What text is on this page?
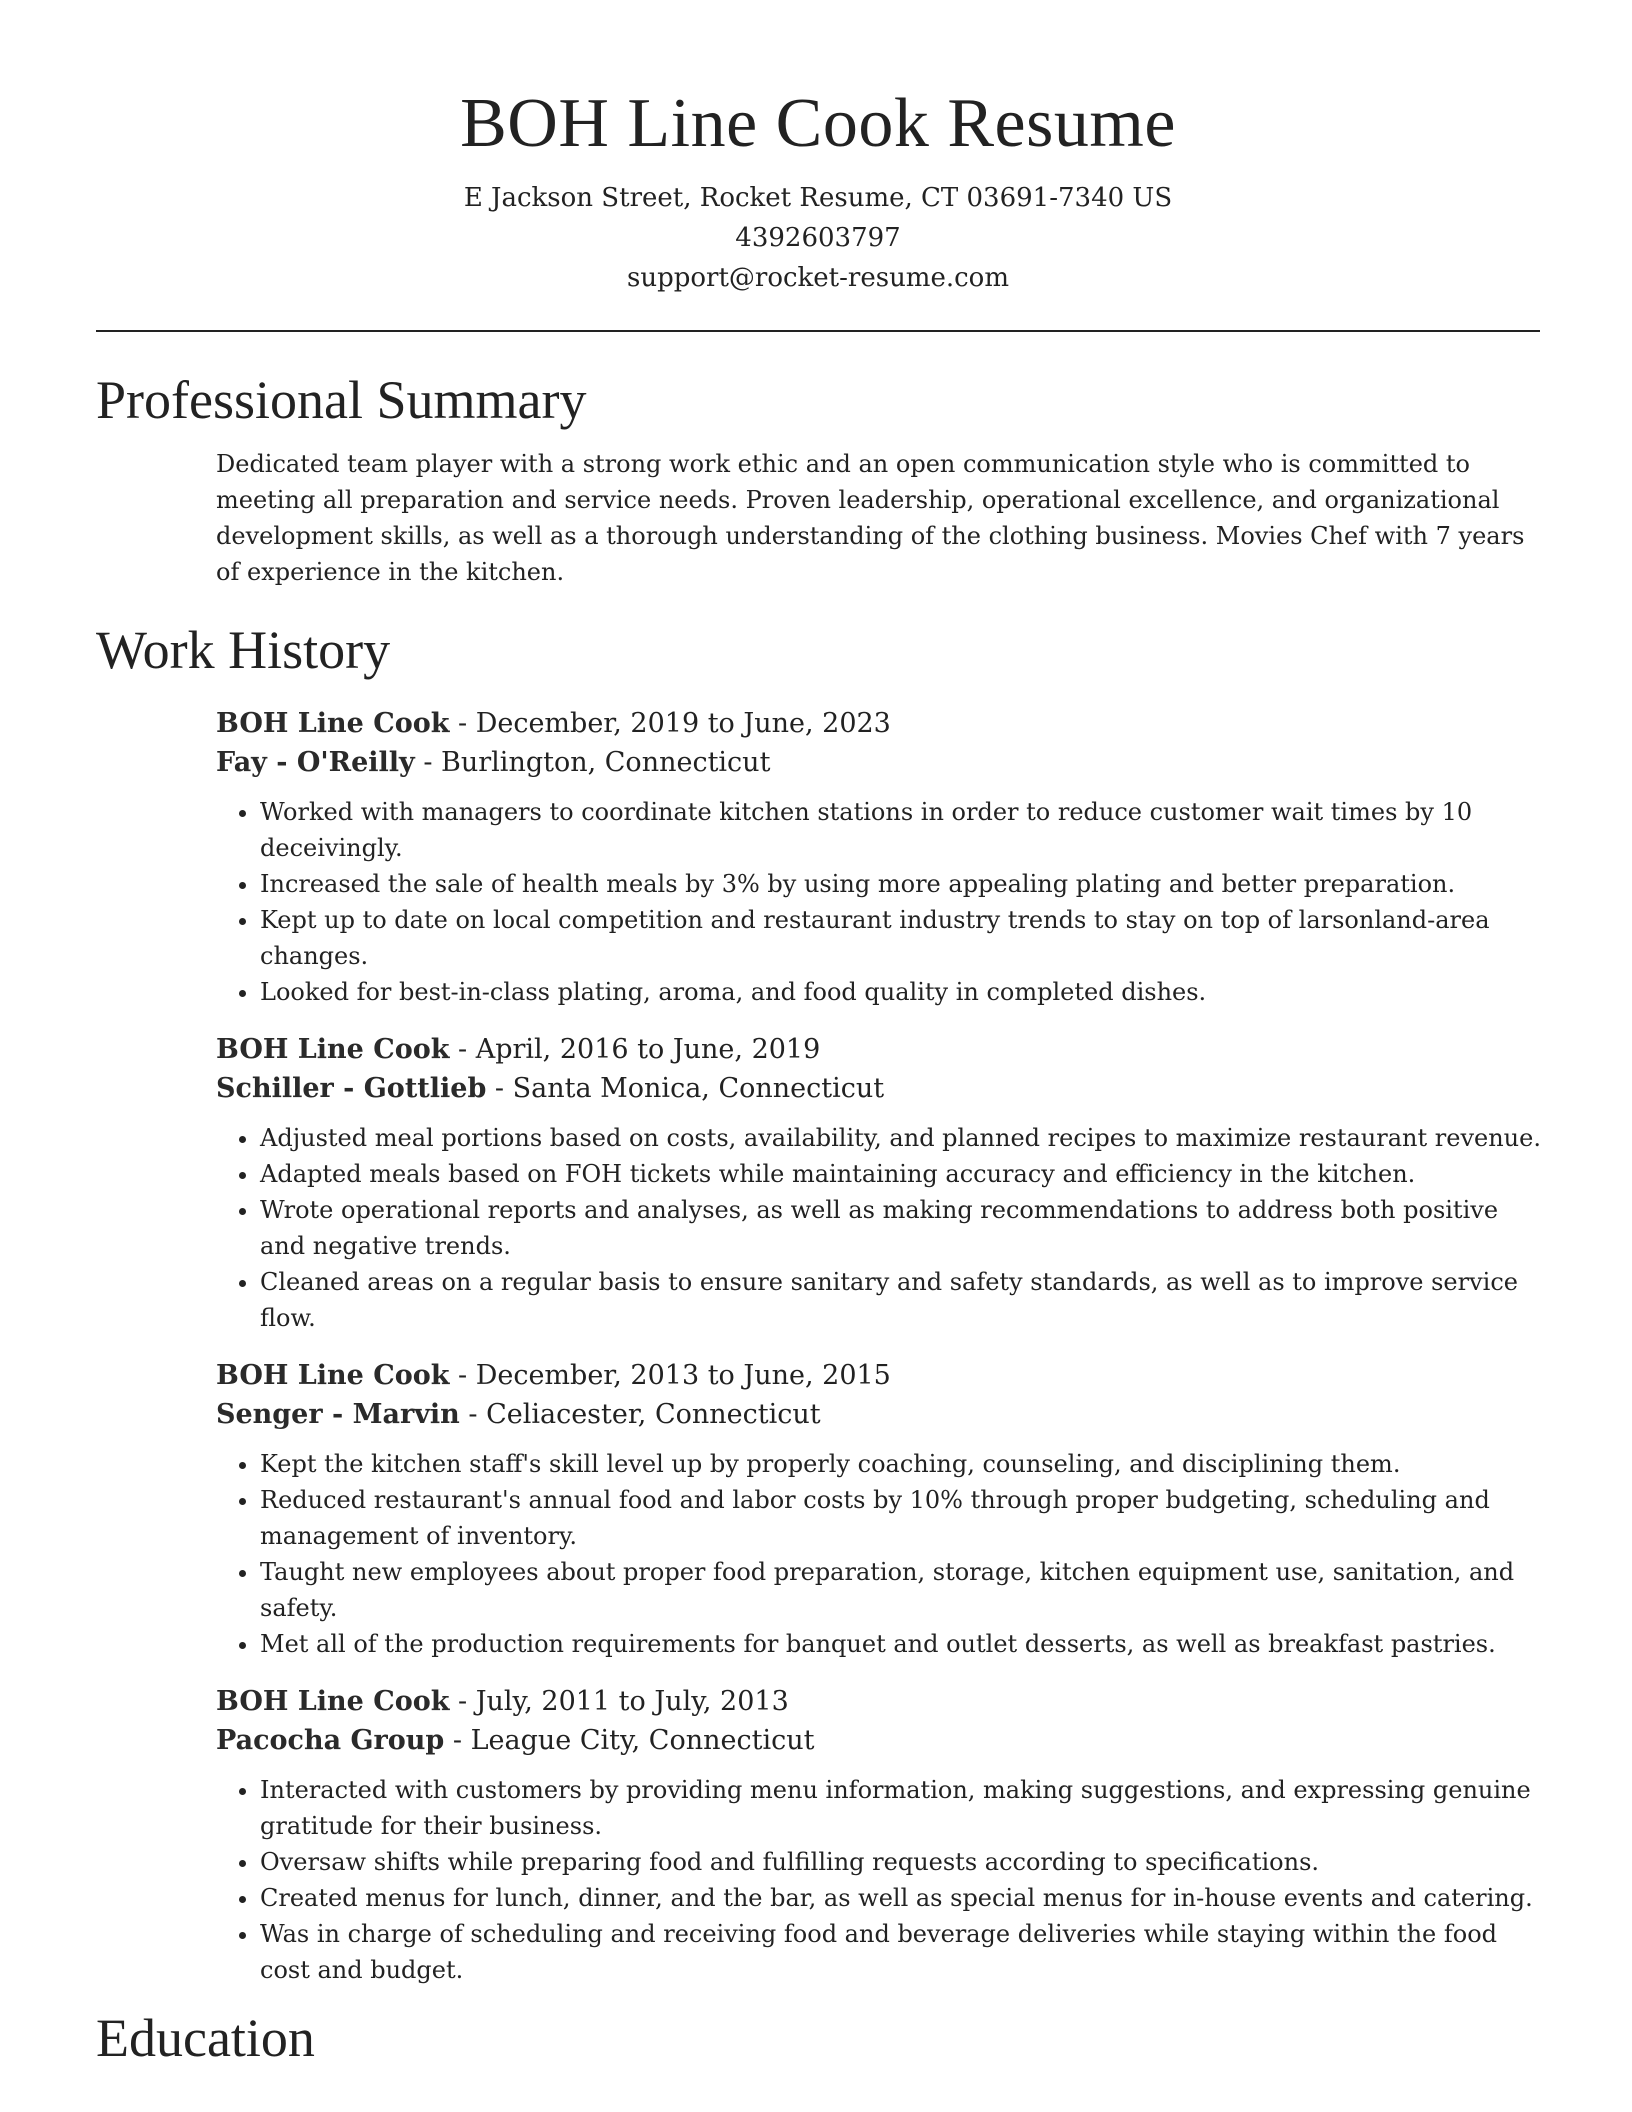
BOH Line Cook Resume

E Jackson Street, Rocket Resume, CT 03691-7340 US

4392603797

support@rocket-resume.com

Professional Summary

Dedicated team player with a strong work ethic and an open communication style who is committed to meeting all preparation and service needs. Proven leadership, operational excellence, and organizational development skills, as well as a thorough understanding of the clothing business. Movies Chef with 7 years of experience in the kitchen.

Work History

BOH Line Cook - December, 2019 to June, 2023

Fay - O'Reilly - Burlington, Connecticut

• Worked with managers to coordinate kitchen stations in order to reduce customer wait times by 10 deceivingly.
• Increased the sale of health meals by 3% by using more appealing plating and better preparation.
• Kept up to date on local competition and restaurant industry trends to stay on top of larsonland-area changes.
• Looked for best-in-class plating, aroma, and food quality in completed dishes.

BOH Line Cook - April, 2016 to June, 2019

Schiller - Gottlieb - Santa Monica, Connecticut

• Adjusted meal portions based on costs, availability, and planned recipes to maximize restaurant revenue.
• Adapted meals based on FOH tickets while maintaining accuracy and efficiency in the kitchen.
• Wrote operational reports and analyses, as well as making recommendations to address both positive and negative trends.
• Cleaned areas on a regular basis to ensure sanitary and safety standards, as well as to improve service flow.

BOH Line Cook - December, 2013 to June, 2015

Senger - Marvin - Celiacester, Connecticut

• Kept the kitchen staff's skill level up by properly coaching, counseling, and disciplining them.
• Reduced restaurant's annual food and labor costs by 10% through proper budgeting, scheduling and management of inventory.
• Taught new employees about proper food preparation, storage, kitchen equipment use, sanitation, and safety.
• Met all of the production requirements for banquet and outlet desserts, as well as breakfast pastries.

BOH Line Cook - July, 2011 to July, 2013

Pacocha Group - League City, Connecticut

• Interacted with customers by providing menu information, making suggestions, and expressing genuine gratitude for their business.
• Oversaw shifts while preparing food and fulfilling requests according to specifications.
• Created menus for lunch, dinner, and the bar, as well as special menus for in-house events and catering.
• Was in charge of scheduling and receiving food and beverage deliveries while staying within the food cost and budget.
Education
